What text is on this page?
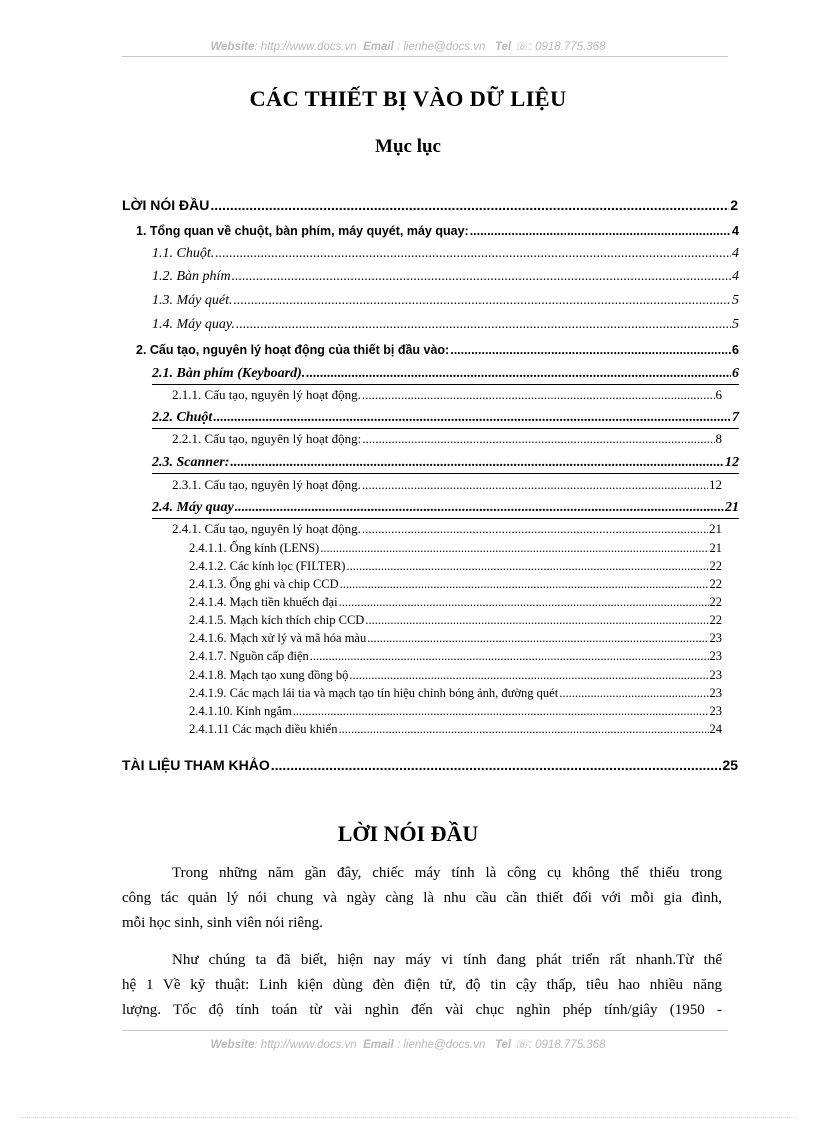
Website: http://www.docs.vn Email : lienhe@docs.vn Tel ☏: 0918.775.368
CÁC THIẾT BỊ VÀO DỮ LIỆU
Mục lục
LỜI NÓI ĐẦU .....	2
1. Tổng quan về chuột, bàn phím, máy quyét, máy quay: .....	4
1.1. Chuột. .....	4
1.2. Bàn phím .....	4
1.3. Máy quét. .....	5
1.4. Máy quay. .....	5
2. Cấu tạo, nguyên lý hoạt động của thiết bị đầu vào: .....	6
2.1. Bàn phím (Keyboard). .....	6
2.1.1. Cấu tạo, nguyên lý hoạt động. .....	6
2.2. Chuột .....	7
2.2.1. Cấu tạo, nguyên lý hoạt động: .....	8
2.3. Scanner: .....	12
2.3.1. Cấu tạo, nguyên lý hoạt động. .....	12
2.4. Máy quay .....	21
2.4.1. Cấu tạo, nguyên lý hoạt động. .....	21
2.4.1.1. Ống kính (LENS) .....	21
2.4.1.2. Các kính lọc (FILTER) .....	22
2.4.1.3. Ống ghi và chip CCD .....	22
2.4.1.4. Mạch tiền khuếch đại .....	22
2.4.1.5. Mạch kích thích chip CCD .....	22
2.4.1.6. Mạch xử lý và mã hóa màu .....	23
2.4.1.7. Nguồn cấp điện .....	23
2.4.1.8. Mạch tạo xung đồng bộ .....	23
2.4.1.9. Các mạch lái tia và mạch tạo tín hiệu chỉnh bóng ảnh, đường quét .....	23
2.4.1.10. Kính ngắm .....	23
2.4.1.11 Các mạch điều khiển .....	24
TÀI LIỆU THAM KHẢO .....	25
LỜI NÓI ĐẦU
Trong những năm gần đây, chiếc máy tính là công cụ không thể thiếu trong
công tác quản lý nói chung và ngày càng là nhu cầu cần thiết đối với mỗi gia đình,
mỗi học sinh, sinh viên nói riêng.
Như chúng ta đã biết, hiện nay máy vi tính đang phát triển rất nhanh.Từ thế
hệ 1 Về kỹ thuật: Linh kiện dùng đèn điện tử, độ tin cậy thấp, tiêu hao nhiều năng
lượng. Tốc độ tính toán từ vài nghìn đến vài chục nghìn phép tính/giây (1950 -
Website: http://www.docs.vn Email : lienhe@docs.vn Tel ☏: 0918.775.368
